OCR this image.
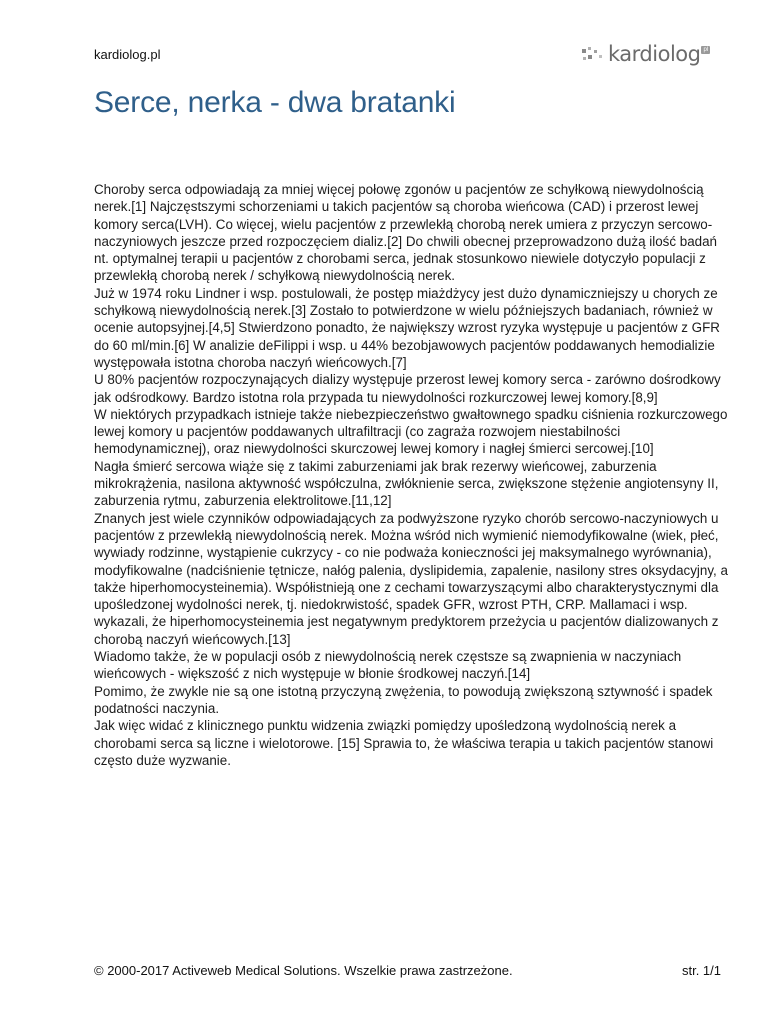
kardiolog.pl	kardiolog pl
Serce, nerka - dwa bratanki

Choroby serca odpowiadają za mniej więcej połowę zgonów u pacjentów ze schyłkową niewydolnością nerek.[1] Najczęstszymi schorzeniami u takich pacjentów są choroba wieńcowa (CAD) i przerost lewej komory serca(LVH). Co więcej, wielu pacjentów z przewlekłą chorobą nerek umiera z przyczyn sercowo-naczyniowych jeszcze przed rozpoczęciem dializ.[2] Do chwili obecnej przeprowadzono dużą ilość badań nt. optymalnej terapii u pacjentów z chorobami serca, jednak stosunkowo niewiele dotyczyło populacji z przewlekłą chorobą nerek / schyłkową niewydolnością nerek.

Już w 1974 roku Lindner i wsp. postulowali, że postęp miażdżycy jest dużo dynamiczniejszy u chorych ze schyłkową niewydolnością nerek.[3] Zostało to potwierdzone w wielu późniejszych badaniach, również w ocenie autopsyjnej.[4,5] Stwierdzono ponadto, że największy wzrost ryzyka występuje u pacjentów z GFR do 60 ml/min.[6] W analizie deFilippi i wsp. u 44% bezobjawowych pacjentów poddawanych hemodializie występowała istotna choroba naczyń wieńcowych.[7]

U 80% pacjentów rozpoczynających dializy występuje przerost lewej komory serca - zarówno dośrodkowy jak odśrodkowy. Bardzo istotna rola przypada tu niewydolności rozkurczowej lewej komory.[8,9]

W niektórych przypadkach istnieje także niebezpieczeństwo gwałtownego spadku ciśnienia rozkurczowego lewej komory u pacjentów poddawanych ultrafiltracji (co zagraża rozwojem niestabilności hemodynamicznej), oraz niewydolności skurczowej lewej komory i nagłej śmierci sercowej.[10]

Nagła śmierć sercowa wiąże się z takimi zaburzeniami jak brak rezerwy wieńcowej, zaburzenia mikrokrążenia, nasilona aktywność współczulna, zwłóknienie serca, zwiększone stężenie angiotensyny II, zaburzenia rytmu, zaburzenia elektrolitowe.[11,12]

Znanych jest wiele czynników odpowiadających za podwyższone ryzyko chorób sercowo-naczyniowych u pacjentów z przewlekłą niewydolnością nerek. Można wśród nich wymienić niemodyfikowalne (wiek, płeć, wywiady rodzinne, wystąpienie cukrzycy - co nie podważa konieczności jej maksymalnego wyrównania), modyfikowalne (nadciśnienie tętnicze, nałóg palenia, dyslipidemia, zapalenie, nasilony stres oksydacyjny, a także hiperhomocysteinemia). Współistnieją one z cechami towarzyszącymi albo charakterystycznymi dla upośledzonej wydolności nerek, tj. niedokrwistość, spadek GFR, wzrost PTH, CRP. Mallamaci i wsp. wykazali, że hiperhomocysteinemia jest negatywnym predyktorem przeżycia u pacjentów dializowanych z chorobą naczyń wieńcowych.[13]

Wiadomo także, że w populacji osób z niewydolnością nerek częstsze są zwapnienia w naczyniach wieńcowych - większość z nich występuje w błonie środkowej naczyń.[14]

Pomimo, że zwykle nie są one istotną przyczyną zwężenia, to powodują zwiększoną sztywność i spadek podatności naczynia.

Jak więc widać z klinicznego punktu widzenia związki pomiędzy upośledzoną wydolnością nerek a chorobami serca są liczne i wielotorowe. [15] Sprawia to, że właściwa terapia u takich pacjentów stanowi często duże wyzwanie.

© 2000-2017 Activeweb Medical Solutions. Wszelkie prawa zastrzeżone.	str. 1/1
